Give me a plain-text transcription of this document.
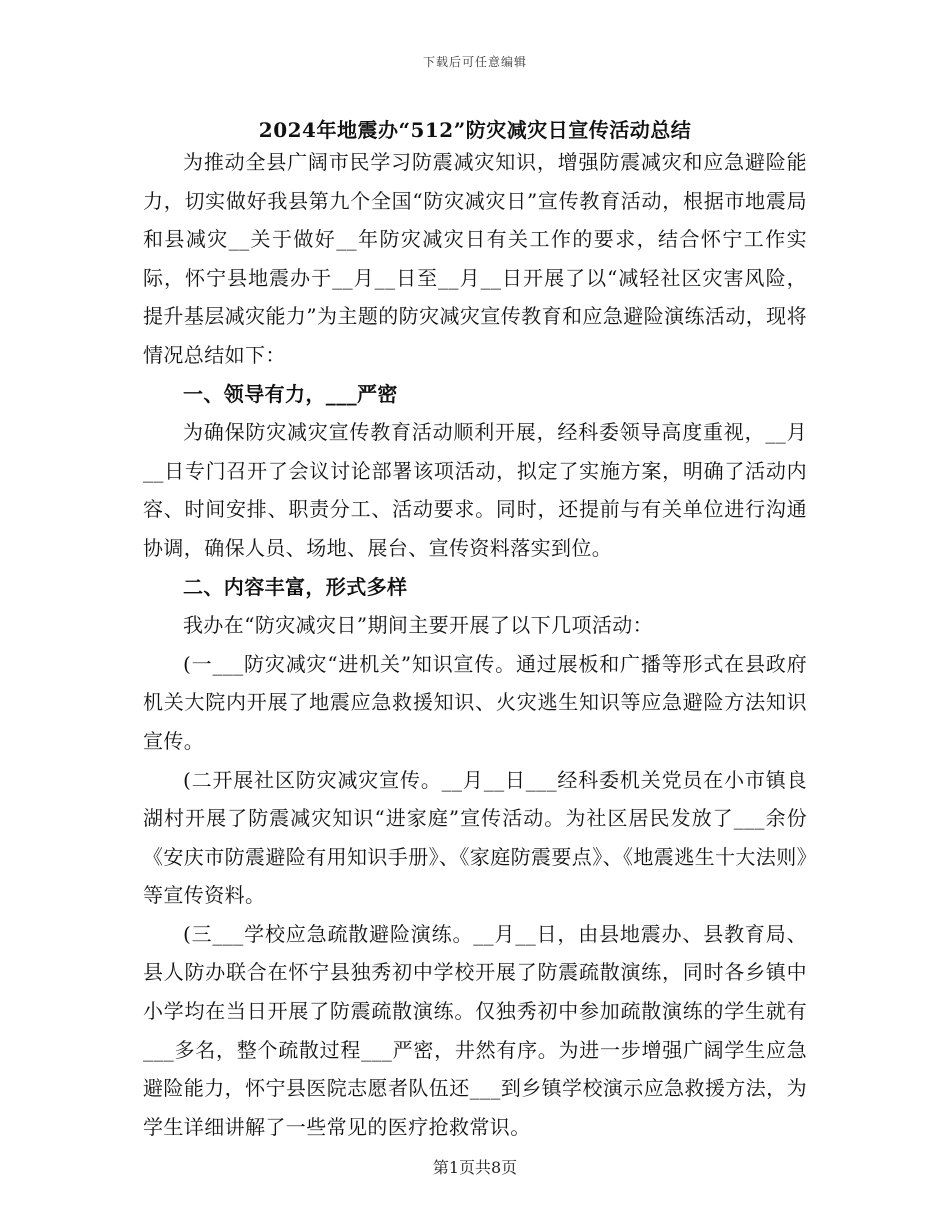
下载后可任意编辑
2024年地震办“512”防灾减灾日宣传活动总结

为推动全县广阔市民学习防震减灾知识，增强防震减灾和应急避险能力，切实做好我县第九个全国“防灾减灾日”宣传教育活动，根据市地震局和县减灾__关于做好__年防灾减灾日有关工作的要求，结合怀宁工作实际，怀宁县地震办于__月__日至__月__日开展了以“减轻社区灾害风险，提升基层减灾能力”为主题的防灾减灾宣传教育和应急避险演练活动，现将情况总结如下：

一、领导有力，___严密

为确保防灾减灾宣传教育活动顺利开展，经科委领导高度重视，__月__日专门召开了会议讨论部署该项活动，拟定了实施方案，明确了活动内容、时间安排、职责分工、活动要求。同时，还提前与有关单位进行沟通协调，确保人员、场地、展台、宣传资料落实到位。

二、内容丰富，形式多样

我办在“防灾减灾日”期间主要开展了以下几项活动：

(一___防灾减灾“进机关”知识宣传。通过展板和广播等形式在县政府机关大院内开展了地震应急救援知识、火灾逃生知识等应急避险方法知识宣传。

(二开展社区防灾减灾宣传。__月__日___经科委机关党员在小市镇良湖村开展了防震减灾知识“进家庭”宣传活动。为社区居民发放了___余份《安庆市防震避险有用知识手册》、《家庭防震要点》、《地震逃生十大法则》等宣传资料。

(三___学校应急疏散避险演练。__月__日，由县地震办、县教育局、县人防办联合在怀宁县独秀初中学校开展了防震疏散演练，同时各乡镇中小学均在当日开展了防震疏散演练。仅独秀初中参加疏散演练的学生就有___多名，整个疏散过程___严密，井然有序。为进一步增强广阔学生应急避险能力，怀宁县医院志愿者队伍还___到乡镇学校演示应急救援方法，为学生详细讲解了一些常见的医疗抢救常识。

第1页共8页
